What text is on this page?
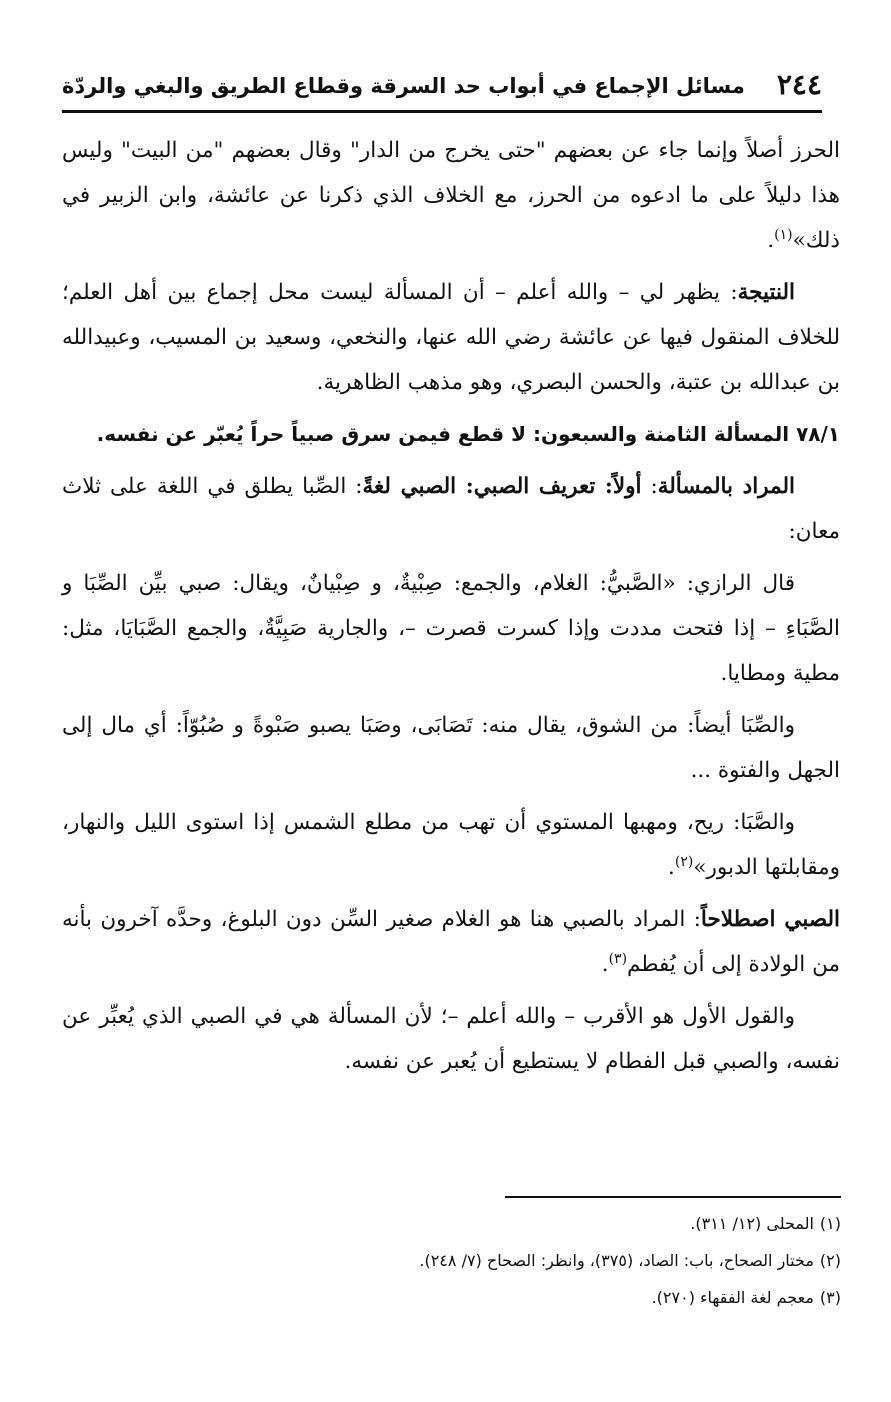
٢٤٤
مسائل الإجماع في أبواب حد السرقة وقطاع الطريق والبغي والردّة

الحرز أصلاً وإنما جاء عن بعضهم "حتى يخرج من الدار" وقال بعضهم "من البيت" وليس هذا دليلاً على ما ادعوه من الحرز، مع الخلاف الذي ذكرنا عن عائشة، وابن الزبير في ذلك»$^{(١)}$.

النتيجة: يظهر لي – والله أعلم – أن المسألة ليست محل إجماع بين أهل العلم؛ للخلاف المنقول فيها عن عائشة رضي الله عنها، والنخعي، وسعيد بن المسيب، وعبيدالله بن عبدالله بن عتبة، والحسن البصري، وهو مذهب الظاهرية.

٧٨/١ المسألة الثامنة والسبعون: لا قطع فيمن سرق صبياً حراً يُعبّر عن نفسه.

المراد بالمسألة: أولاً: تعريف الصبي: الصبي لغةً: الصِّبا يطلق في اللغة على ثلاث معان:

قال الرازي: «الصَّبيُّ: الغلام، والجمع: صِبْيةٌ، و صِبْيانٌ، ويقال: صبي بيِّن الصِّبَا و الصَّبَاءِ – إذا فتحت مددت وإذا كسرت قصرت –، والجارية صَبِيَّةٌ، والجمع الصَّبَايَا، مثل: مطية ومطايا.

والصِّبَا أيضاً: من الشوق، يقال منه: تَصَابَى، وصَبَا يصبو صَبْوةً و صُبُوّاً: أي مال إلى الجهل والفتوة ...

والصَّبَا: ريح، ومهبها المستوي أن تهب من مطلع الشمس إذا استوى الليل والنهار، ومقابلتها الدبور»$^{(٢)}$.

الصبي اصطلاحاً: المراد بالصبي هنا هو الغلام صغير السِّن دون البلوغ، وحدَّه آخرون بأنه من الولادة إلى أن يُفطم$^{(٣)}$.

والقول الأول هو الأقرب – والله أعلم –؛ لأن المسألة هي في الصبي الذي يُعبِّر عن نفسه، والصبي قبل الفطام لا يستطيع أن يُعبر عن نفسه.

(١)المحلى (١٢/ ٣١١).
(٢)مختار الصحاح، باب: الصاد، (٣٧٥)، وانظر: الصحاح (٧/ ٢٤٨).
(٣)معجم لغة الفقهاء (٢٧٠).
